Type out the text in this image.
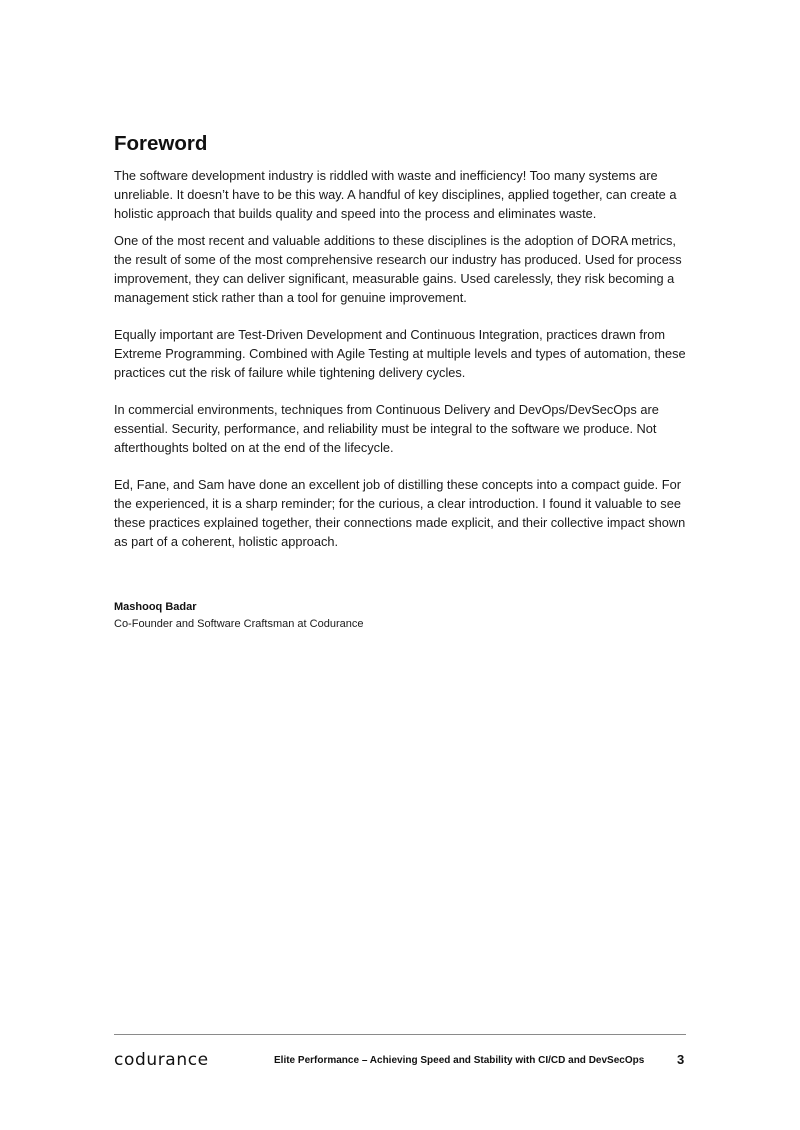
Foreword

The software development industry is riddled with waste and inefficiency! Too many systems are unreliable. It doesn’t have to be this way. A handful of key disciplines, applied together, can create a holistic approach that builds quality and speed into the process and eliminates waste.

One of the most recent and valuable additions to these disciplines is the adoption of DORA metrics, the result of some of the most comprehensive research our industry has produced. Used for process improvement, they can deliver significant, measurable gains. Used carelessly, they risk becoming a management stick rather than a tool for genuine improvement.

Equally important are Test-Driven Development and Continuous Integration, practices drawn from Extreme Programming. Combined with Agile Testing at multiple levels and types of automation, these practices cut the risk of failure while tightening delivery cycles.

In commercial environments, techniques from Continuous Delivery and DevOps/DevSecOps are essential. Security, performance, and reliability must be integral to the software we produce. Not afterthoughts bolted on at the end of the lifecycle.

Ed, Fane, and Sam have done an excellent job of distilling these concepts into a compact guide. For the experienced, it is a sharp reminder; for the curious, a clear introduction. I found it valuable to see these practices explained together, their connections made explicit, and their collective impact shown as part of a coherent, holistic approach.

Mashooq Badar
Co-Founder and Software Craftsman at Codurance
codurance	Elite Performance – Achieving Speed and Stability with CI/CD and DevSecOps	3
